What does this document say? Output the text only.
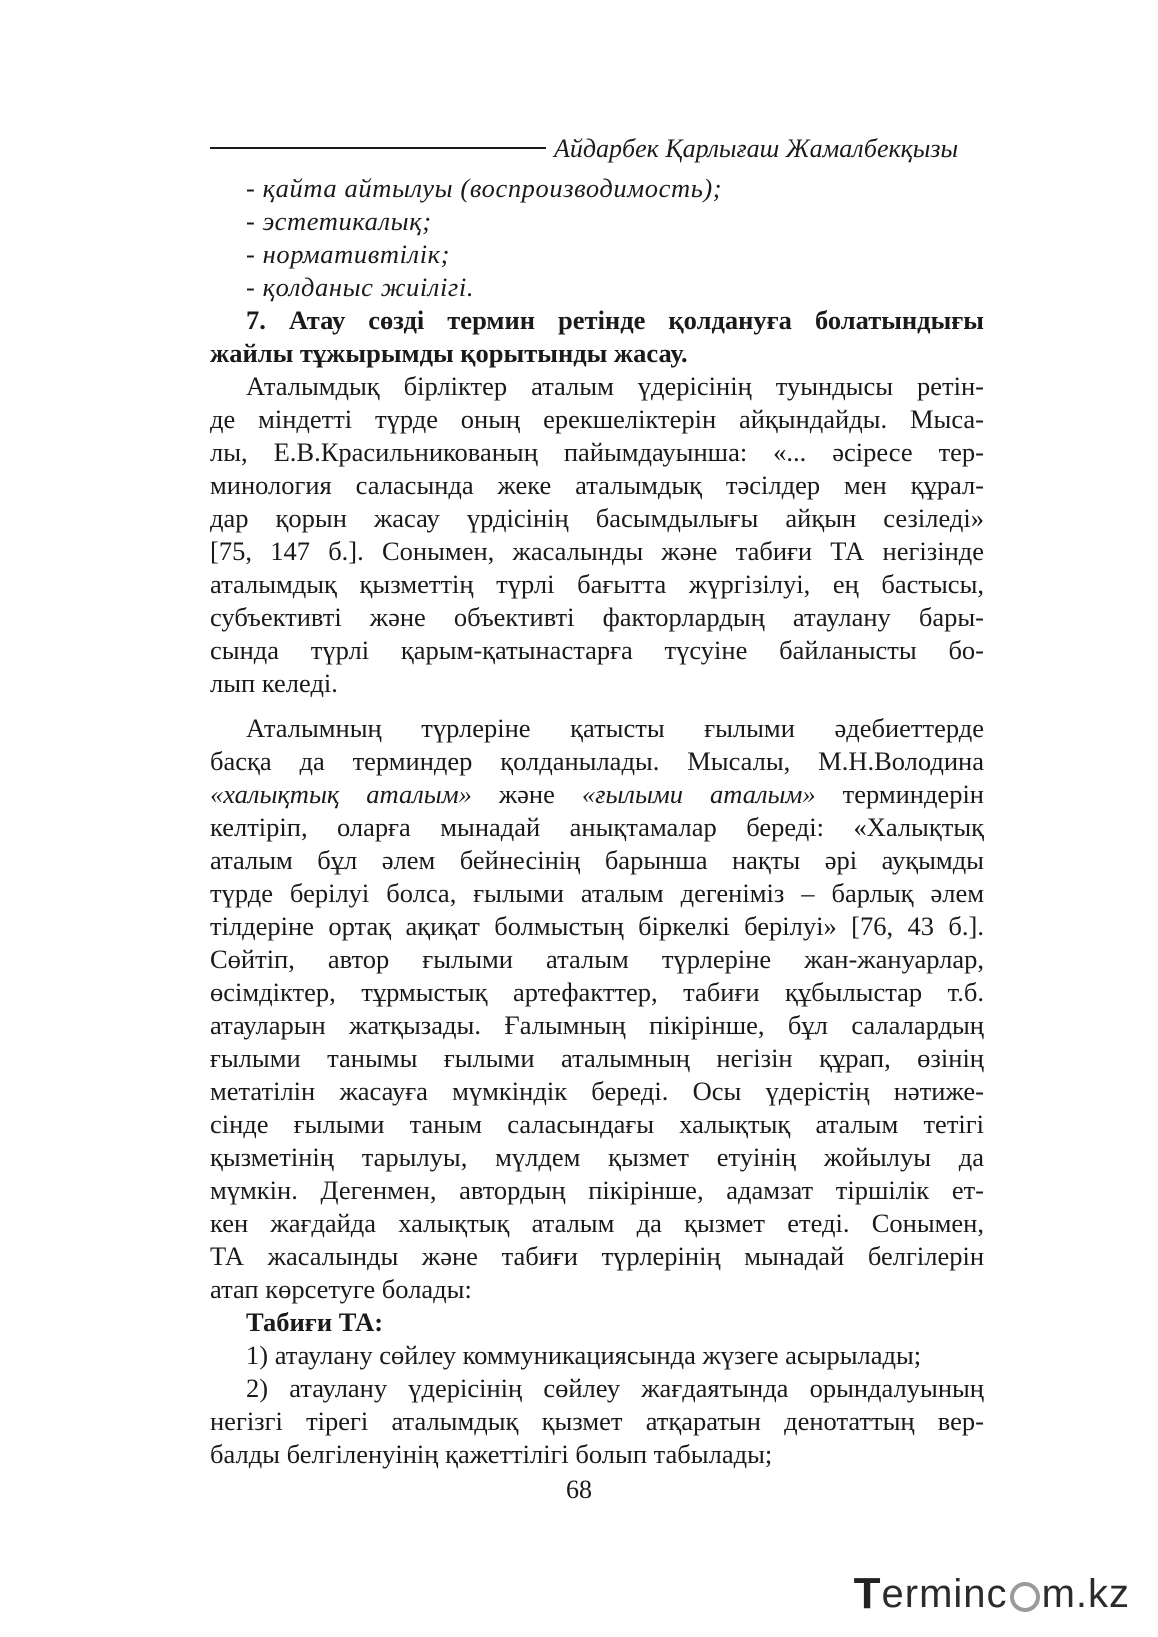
Айдарбек Қарлығаш Жамалбекқызы
- қайта айтылуы (воспроизводимость);
- эстетикалық;
- нормативтілік;
- қолданыс жиілігі.
7. Атау сөзді термин ретінде қолдануға болатындығы
жайлы тұжырымды қорытынды жасау.
Аталымдық бірліктер аталым үдерісінің туындысы ретін-
де міндетті түрде оның ерекшеліктерін айқындайды. Мыса-
лы, Е.В.Красильникованың пайымдауынша: «... әсіресе тер-
минология саласында жеке аталымдық тәсілдер мен құрал-
дар қорын жасау үрдісінің басымдылығы айқын сезіледі»
[75, 147 б.]. Сонымен, жасалынды және табиғи ТА негізінде
аталымдық қызметтің түрлі бағытта жүргізілуі, ең бастысы,
субъективті және объективті факторлардың атаулану бары-
сында түрлі қарым-қатынастарға түсуіне байланысты бо-
лып келеді.
Аталымның түрлеріне қатысты ғылыми әдебиеттерде
басқа да терминдер қолданылады. Мысалы, М.Н.Володина
«халықтық аталым» және «ғылыми аталым» терминдерін
келтіріп, оларға мынадай анықтамалар береді: «Халықтық
аталым бұл әлем бейнесінің барынша нақты әрі ауқымды
түрде берілуі болса, ғылыми аталым дегеніміз – барлық әлем
тілдеріне ортақ ақиқат болмыстың біркелкі берілуі» [76, 43 б.].
Сөйтіп, автор ғылыми аталым түрлеріне жан-жануарлар,
өсімдіктер, тұрмыстық артефакттер, табиғи құбылыстар т.б.
атауларын жатқызады. Ғалымның пікірінше, бұл салалардың
ғылыми танымы ғылыми аталымның негізін құрап, өзінің
метатілін жасауға мүмкіндік береді. Осы үдерістің нәтиже-
сінде ғылыми таным саласындағы халықтық аталым тетігі
қызметінің тарылуы, мүлдем қызмет етуінің жойылуы да
мүмкін. Дегенмен, автордың пікірінше, адамзат тіршілік ет-
кен жағдайда халықтық аталым да қызмет етеді. Сонымен,
ТА жасалынды және табиғи түрлерінің мынадай белгілерін
атап көрсетуге болады:
Табиғи ТА:
1) атаулану сөйлеу коммуникациясында жүзеге асырылады;
2) атаулану үдерісінің сөйлеу жағдаятында орындалуының
негізгі тірегі аталымдық қызмет атқаратын денотаттың вер-
балды белгіленуінің қажеттілігі болып табылады;
68
T erminc m.kz
